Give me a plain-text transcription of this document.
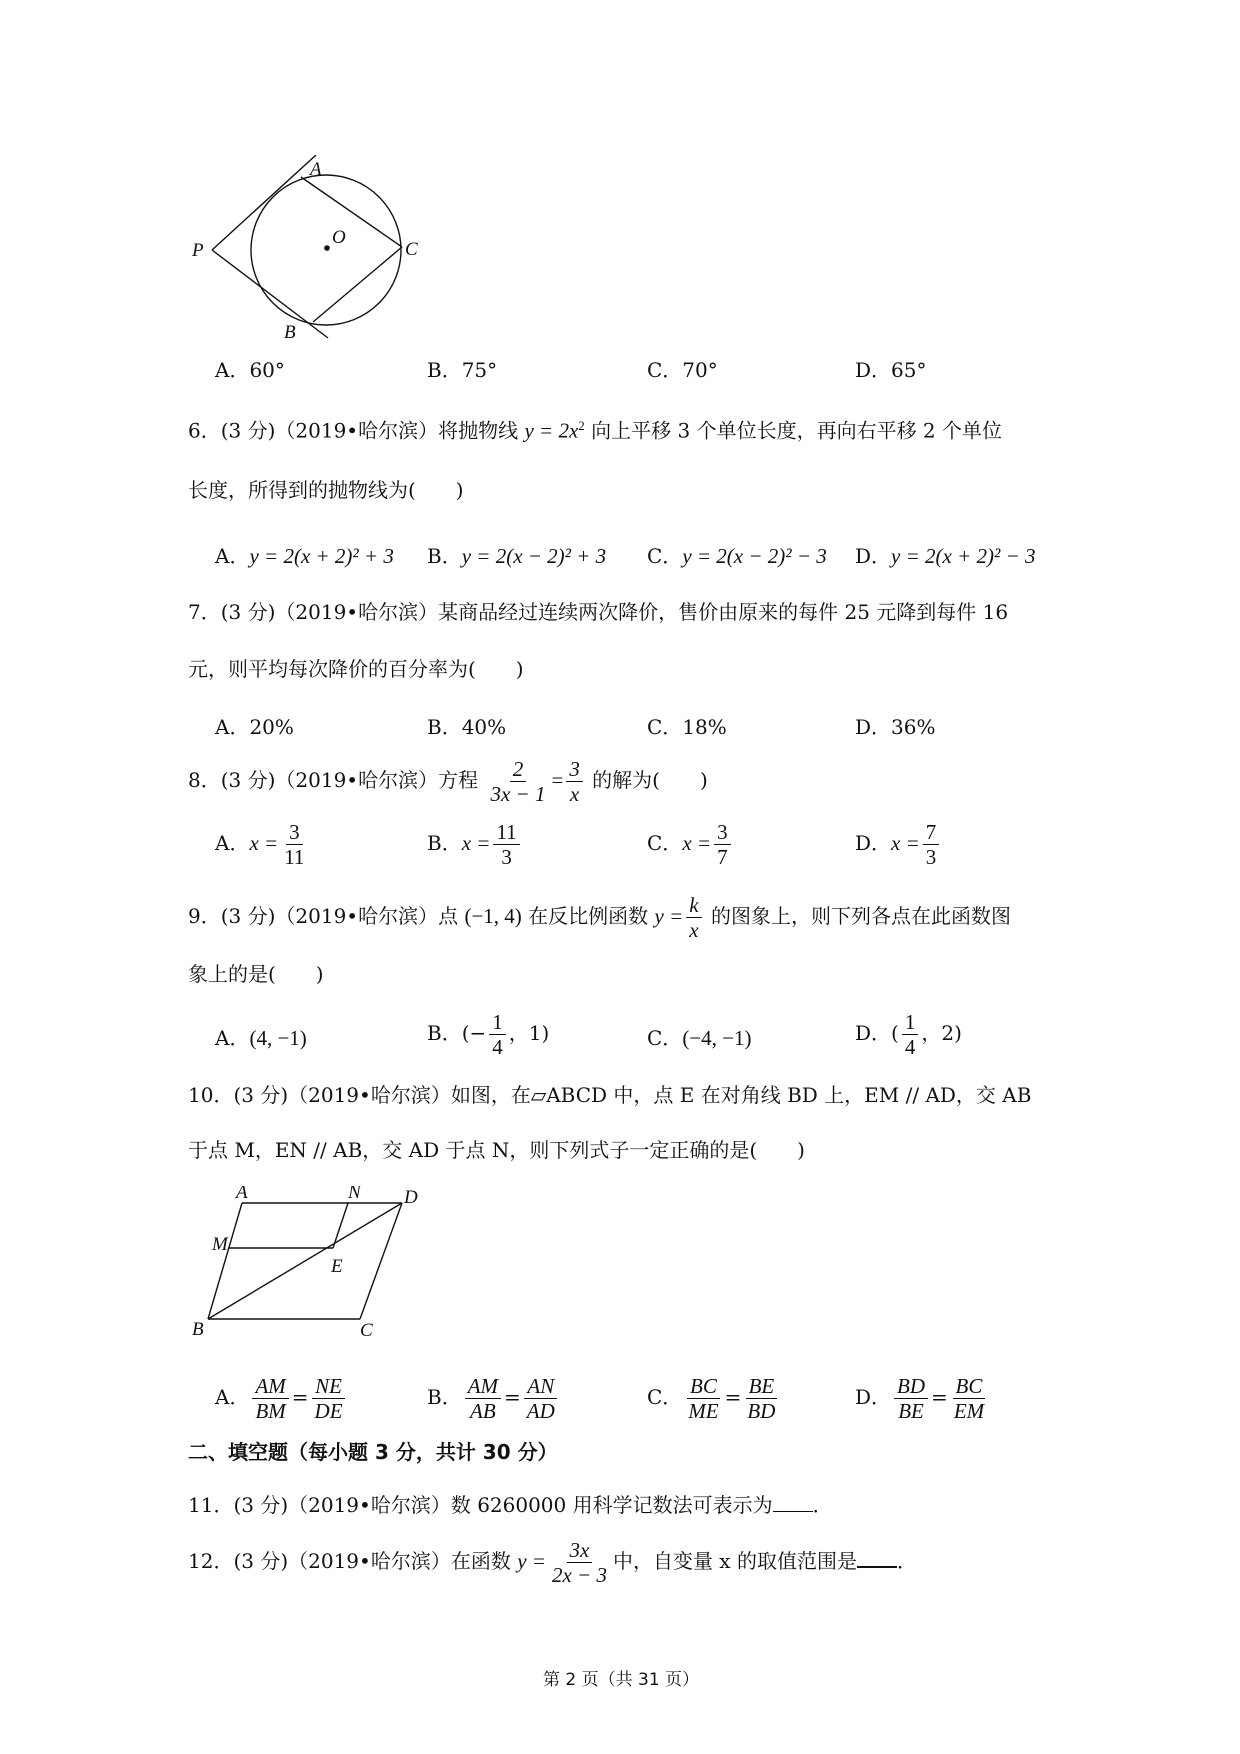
A
P
O
C
B
A．60°	B．75°	C．70°	D．65°
6．(3 分)（2019•哈尔滨）将抛物线 $y = 2x^2$ 向上平移 3 个单位长度，再向右平移 2 个单位
长度，所得到的抛物线为(　　)
A．y = 2(x + 2)² + 3 B．y = 2(x − 2)² + 3 C．y = 2(x − 2)² − 3 D．y = 2(x + 2)² − 3
7．(3 分)（2019•哈尔滨）某商品经过连续两次降价，售价由原来的每件 25 元降到每件 16
元，则平均每次降价的百分率为(　　)
A．20%	B．40%	C．18%	D．36%
8．(3 分)（2019•哈尔滨）方程 $\frac{2}{3x - 1} = \frac{3}{x}$ 的解为(　　)
A．$x = \frac{3}{11}$	B．$x = \frac{11}{3}$	C．$x = \frac{3}{7}$	D．$x = \frac{7}{3}$
9．(3 分)（2019•哈尔滨）点 (−1, 4) 在反比例函数 $y = \frac{k}{x}$ 的图象上，则下列各点在此函数图
象上的是(　　)
A．(4, −1)	B．(− $\frac{1}{4}$ ，1)	C．(−4, −1)	D．( $\frac{1}{4}$ ，2)
10．(3 分)（2019•哈尔滨）如图，在▱ABCD 中，点 E 在对角线 BD 上，EM // AD，交 AB
于点 M，EN // AB，交 AD 于点 N，则下列式子一定正确的是(　　)
A	N D
M
E
B	C
A． $\frac{AM}{BM} = \frac{NE}{DE}$	B． $\frac{AM}{AB} = \frac{AN}{AD}$	C． $\frac{BC}{ME} = \frac{BE}{BD}$	D． $\frac{BD}{BE} = \frac{BC}{EM}$
二、填空题（每小题 3 分，共计 30 分）
11．(3 分)（2019•哈尔滨）数 6260000 用科学记数法可表示为 ．
12．(3 分)（2019•哈尔滨）在函数 $y = \frac{3x}{2x - 3}$ 中，自变量 x 的取值范围是 ．
第 2 页（共 31 页）
